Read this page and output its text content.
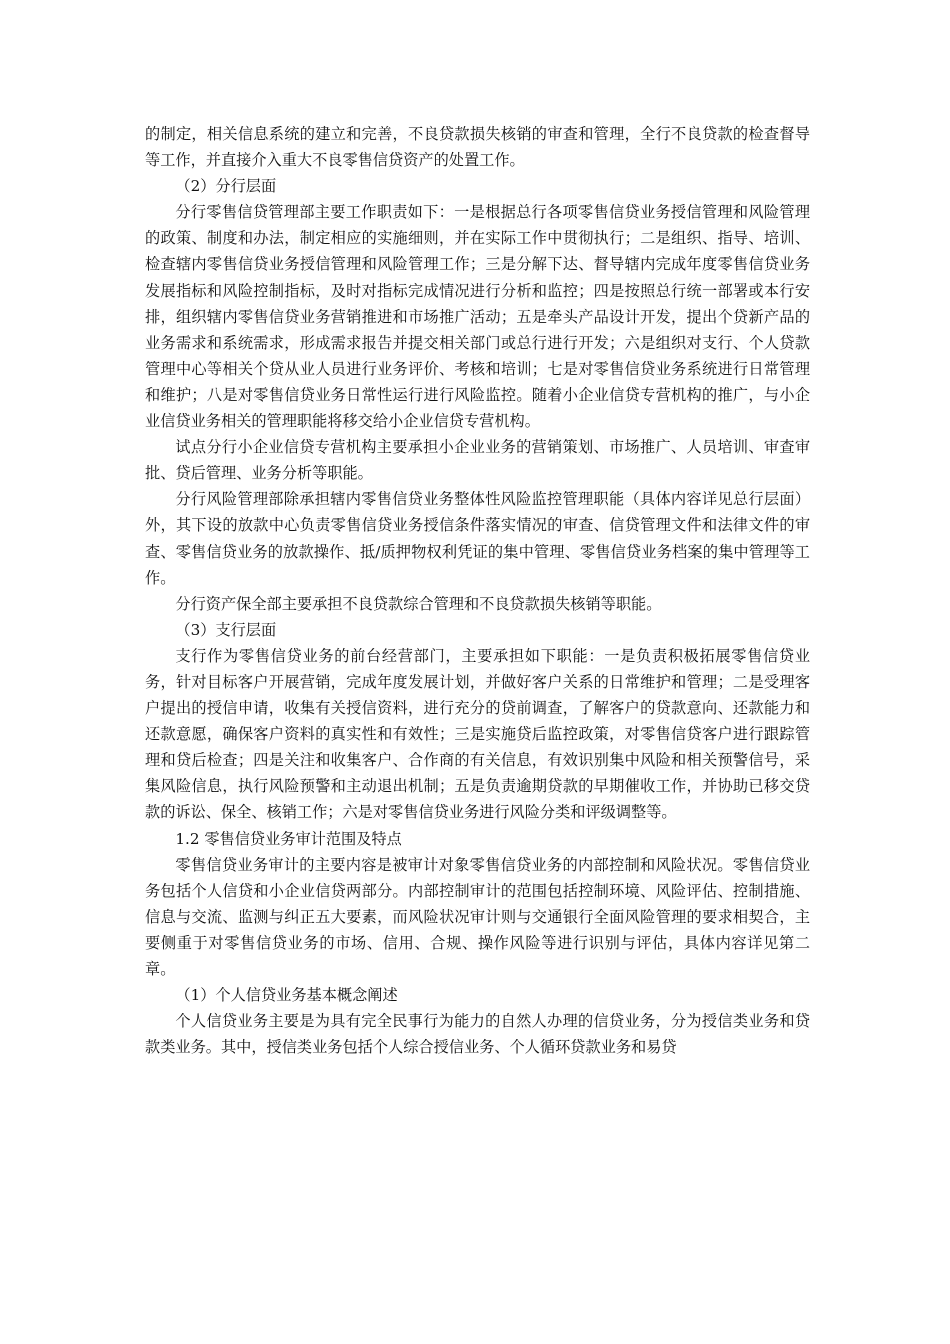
的制定，相关信息系统的建立和完善，不良贷款损失核销的审查和管理，全行不良贷款的检查督导等工作，并直接介入重大不良零售信贷资产的处置工作。

（2）分行层面

分行零售信贷管理部主要工作职责如下：一是根据总行各项零售信贷业务授信管理和风险管理的政策、制度和办法，制定相应的实施细则，并在实际工作中贯彻执行；二是组织、指导、培训、检查辖内零售信贷业务授信管理和风险管理工作；三是分解下达、督导辖内完成年度零售信贷业务发展指标和风险控制指标，及时对指标完成情况进行分析和监控；四是按照总行统一部署或本行安排，组织辖内零售信贷业务营销推进和市场推广活动；五是牵头产品设计开发，提出个贷新产品的业务需求和系统需求，形成需求报告并提交相关部门或总行进行开发；六是组织对支行、个人贷款管理中心等相关个贷从业人员进行业务评价、考核和培训；七是对零售信贷业务系统进行日常管理和维护；八是对零售信贷业务日常性运行进行风险监控。随着小企业信贷专营机构的推广，与小企业信贷业务相关的管理职能将移交给小企业信贷专营机构。

试点分行小企业信贷专营机构主要承担小企业业务的营销策划、市场推广、人员培训、审查审批、贷后管理、业务分析等职能。

分行风险管理部除承担辖内零售信贷业务整体性风险监控管理职能（具体内容详见总行层面）外，其下设的放款中心负责零售信贷业务授信条件落实情况的审查、信贷管理文件和法律文件的审查、零售信贷业务的放款操作、抵/质押物权利凭证的集中管理、零售信贷业务档案的集中管理等工作。

分行资产保全部主要承担不良贷款综合管理和不良贷款损失核销等职能。

（3）支行层面

支行作为零售信贷业务的前台经营部门，主要承担如下职能：一是负责积极拓展零售信贷业务，针对目标客户开展营销，完成年度发展计划，并做好客户关系的日常维护和管理；二是受理客户提出的授信申请，收集有关授信资料，进行充分的贷前调查，了解客户的贷款意向、还款能力和还款意愿，确保客户资料的真实性和有效性；三是实施贷后监控政策，对零售信贷客户进行跟踪管理和贷后检查；四是关注和收集客户、合作商的有关信息，有效识别集中风险和相关预警信号，采集风险信息，执行风险预警和主动退出机制；五是负责逾期贷款的早期催收工作，并协助已移交贷款的诉讼、保全、核销工作；六是对零售信贷业务进行风险分类和评级调整等。

1.2 零售信贷业务审计范围及特点

零售信贷业务审计的主要内容是被审计对象零售信贷业务的内部控制和风险状况。零售信贷业务包括个人信贷和小企业信贷两部分。内部控制审计的范围包括控制环境、风险评估、控制措施、信息与交流、监测与纠正五大要素，而风险状况审计则与交通银行全面风险管理的要求相契合，主要侧重于对零售信贷业务的市场、信用、合规、操作风险等进行识别与评估，具体内容详见第二章。

（1）个人信贷业务基本概念阐述

个人信贷业务主要是为具有完全民事行为能力的自然人办理的信贷业务，分为授信类业务和贷款类业务。其中，授信类业务包括个人综合授信业务、个人循环贷款业务和易贷
